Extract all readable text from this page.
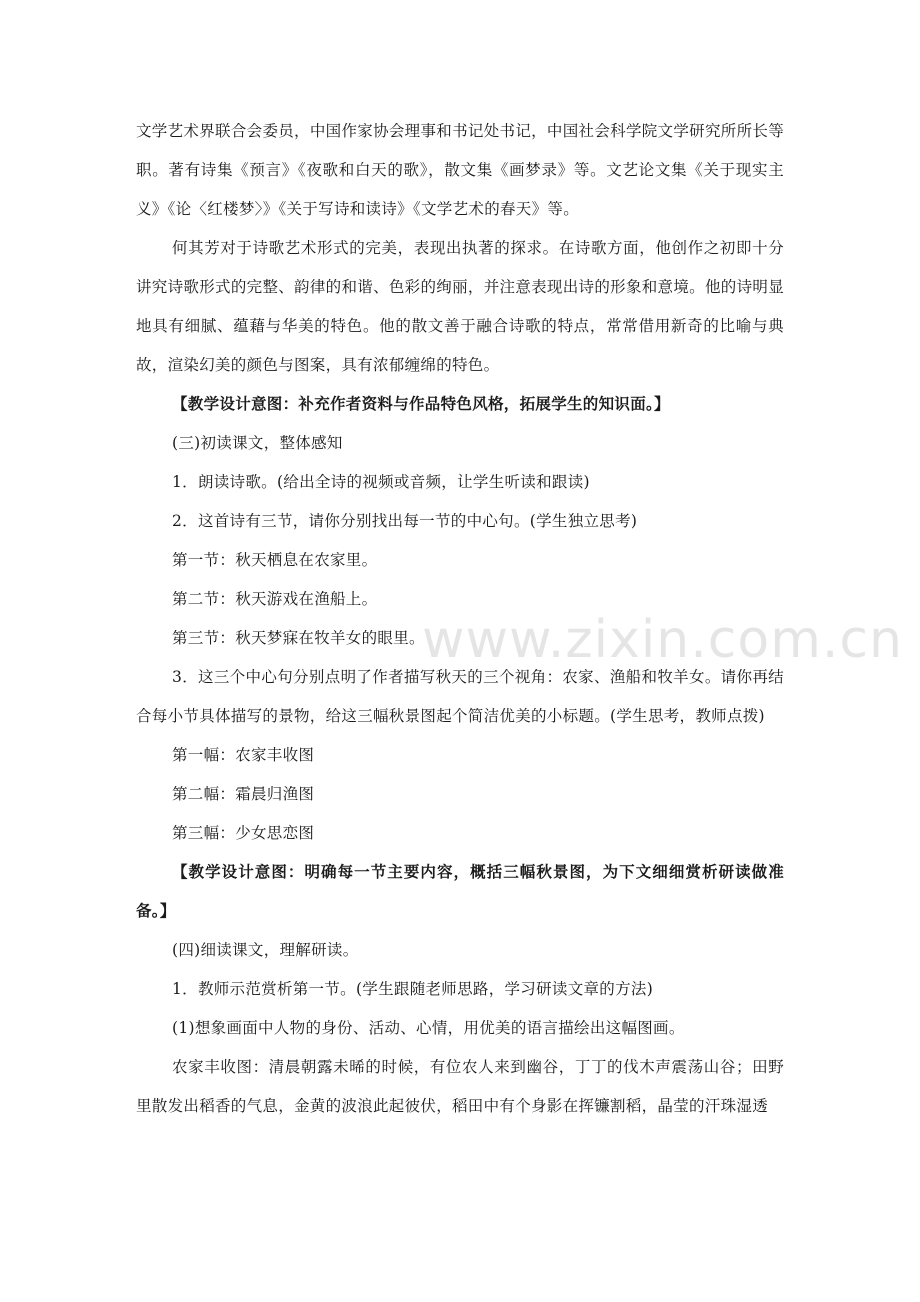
文学艺术界联合会委员，中国作家协会理事和书记处书记，中国社会科学院文学研究所所长等职。著有诗集《预言》《夜歌和白天的歌》，散文集《画梦录》等。文艺论文集《关于现实主义》《论〈红楼梦〉》《关于写诗和读诗》《文学艺术的春天》等。

何其芳对于诗歌艺术形式的完美，表现出执著的探求。在诗歌方面，他创作之初即十分讲究诗歌形式的完整、韵律的和谐、色彩的绚丽，并注意表现出诗的形象和意境。他的诗明显地具有细腻、蕴藉与华美的特色。他的散文善于融合诗歌的特点，常常借用新奇的比喻与典故，渲染幻美的颜色与图案，具有浓郁缠绵的特色。

【教学设计意图：补充作者资料与作品特色风格，拓展学生的知识面。】

(三)初读课文，整体感知

1．朗读诗歌。(给出全诗的视频或音频，让学生听读和跟读)

2．这首诗有三节，请你分别找出每一节的中心句。(学生独立思考)

第一节：秋天栖息在农家里。

第二节：秋天游戏在渔船上。

第三节：秋天梦寐在牧羊女的眼里。

3．这三个中心句分别点明了作者描写秋天的三个视角：农家、渔船和牧羊女。请你再结合每小节具体描写的景物，给这三幅秋景图起个简洁优美的小标题。(学生思考，教师点拨)

第一幅：农家丰收图

第二幅：霜晨归渔图

第三幅：少女思恋图

【教学设计意图：明确每一节主要内容，概括三幅秋景图，为下文细细赏析研读做准备。】

(四)细读课文，理解研读。

1．教师示范赏析第一节。(学生跟随老师思路，学习研读文章的方法)

(1)想象画面中人物的身份、活动、心情，用优美的语言描绘出这幅图画。

农家丰收图：清晨朝露未晞的时候，有位农人来到幽谷，丁丁的伐木声震荡山谷；田野里散发出稻香的气息，金黄的波浪此起彼伏，稻田中有个身影在挥镰割稻，晶莹的汗珠湿透

www.zixin.com.cn
